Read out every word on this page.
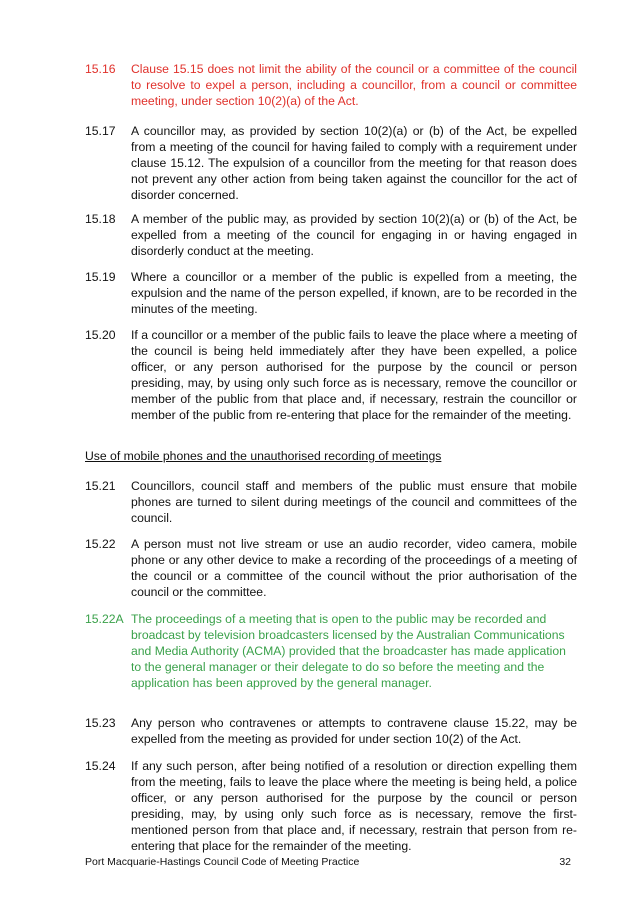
15.16 Clause 15.15 does not limit the ability of the council or a committee of the council to resolve to expel a person, including a councillor, from a council or committee meeting, under section 10(2)(a) of the Act.
15.17 A councillor may, as provided by section 10(2)(a) or (b) of the Act, be expelled from a meeting of the council for having failed to comply with a requirement under clause 15.12. The expulsion of a councillor from the meeting for that reason does not prevent any other action from being taken against the councillor for the act of disorder concerned.
15.18 A member of the public may, as provided by section 10(2)(a) or (b) of the Act, be expelled from a meeting of the council for engaging in or having engaged in disorderly conduct at the meeting.
15.19 Where a councillor or a member of the public is expelled from a meeting, the expulsion and the name of the person expelled, if known, are to be recorded in the minutes of the meeting.
15.20 If a councillor or a member of the public fails to leave the place where a meeting of the council is being held immediately after they have been expelled, a police officer, or any person authorised for the purpose by the council or person presiding, may, by using only such force as is necessary, remove the councillor or member of the public from that place and, if necessary, restrain the councillor or member of the public from re-entering that place for the remainder of the meeting.
Use of mobile phones and the unauthorised recording of meetings
15.21 Councillors, council staff and members of the public must ensure that mobile phones are turned to silent during meetings of the council and committees of the council.
15.22 A person must not live stream or use an audio recorder, video camera, mobile phone or any other device to make a recording of the proceedings of a meeting of the council or a committee of the council without the prior authorisation of the council or the committee.
15.22A The proceedings of a meeting that is open to the public may be recorded and broadcast by television broadcasters licensed by the Australian Communications and Media Authority (ACMA) provided that the broadcaster has made application to the general manager or their delegate to do so before the meeting and the application has been approved by the general manager.
15.23 Any person who contravenes or attempts to contravene clause 15.22, may be expelled from the meeting as provided for under section 10(2) of the Act.
15.24 If any such person, after being notified of a resolution or direction expelling them from the meeting, fails to leave the place where the meeting is being held, a police officer, or any person authorised for the purpose by the council or person presiding, may, by using only such force as is necessary, remove the first-mentioned person from that place and, if necessary, restrain that person from re-entering that place for the remainder of the meeting.
Port Macquarie-Hastings Council Code of Meeting Practice	32
